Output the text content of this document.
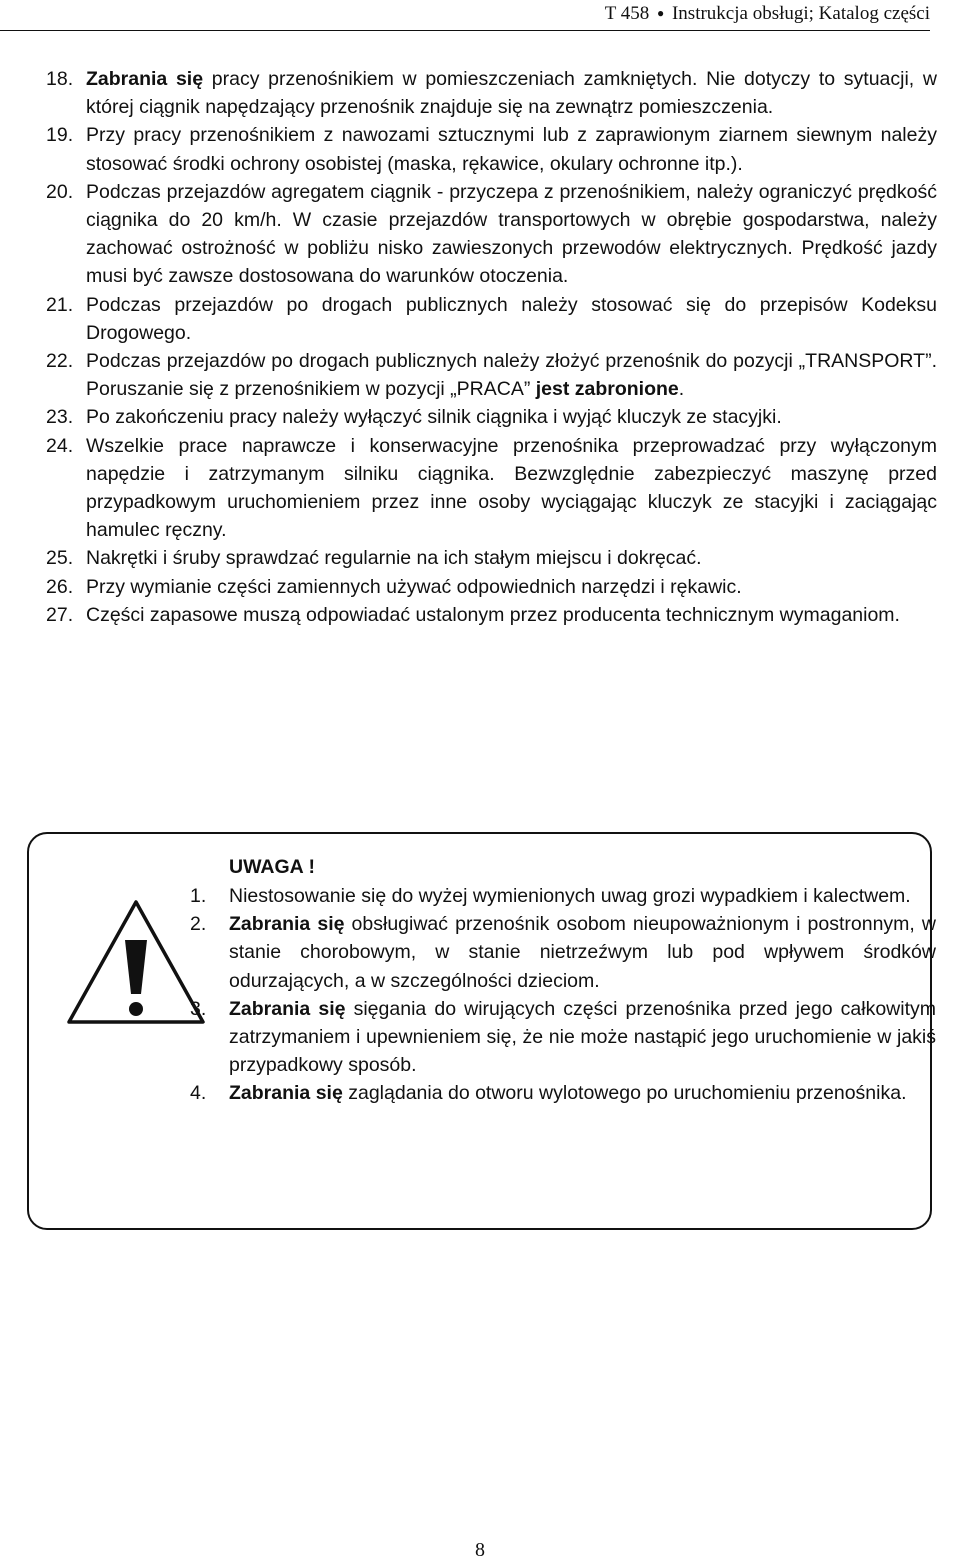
T 458 ● Instrukcja obsługi; Katalog części
18. Zabrania się pracy przenośnikiem w pomieszczeniach zamkniętych. Nie dotyczy to sytuacji, w której ciągnik napędzający przenośnik znajduje się na zewnątrz pomieszczenia.
19. Przy pracy przenośnikiem z nawozami sztucznymi lub z zaprawionym ziarnem siewnym należy stosować środki ochrony osobistej (maska, rękawice, okulary ochronne itp.).
20. Podczas przejazdów agregatem ciągnik - przyczepa z przenośnikiem, należy ograniczyć prędkość ciągnika do 20 km/h. W czasie przejazdów transportowych w obrębie gospodarstwa, należy zachować ostrożność w pobliżu nisko zawieszonych przewodów elektrycznych. Prędkość jazdy musi być zawsze dostosowana do warunków otoczenia.
21. Podczas przejazdów po drogach publicznych należy stosować się do przepisów Kodeksu Drogowego.
22. Podczas przejazdów po drogach publicznych należy złożyć przenośnik do pozycji „TRANSPORT”. Poruszanie się z przenośnikiem w pozycji „PRACA” jest zabronione.
23. Po zakończeniu pracy należy wyłączyć silnik ciągnika i wyjąć kluczyk ze stacyjki.
24. Wszelkie prace naprawcze i konserwacyjne przenośnika przeprowadzać przy wyłączonym napędzie i zatrzymanym silniku ciągnika. Bezwzględnie zabezpieczyć maszynę przed przypadkowym uruchomieniem przez inne osoby wyciągając kluczyk ze stacyjki i zaciągając hamulec ręczny.
25. Nakrętki i śruby sprawdzać regularnie na ich stałym miejscu i dokręcać.
26. Przy wymianie części zamiennych używać odpowiednich narzędzi i rękawic.
27. Części zapasowe muszą odpowiadać ustalonym przez producenta technicznym wymaganiom.
UWAGA !
1.	Niestosowanie się do wyżej wymienionych uwag grozi wypadkiem i kalectwem.
2.	Zabrania się obsługiwać przenośnik osobom nieupoważnionym i postronnym, w stanie chorobowym, w stanie nietrzeźwym lub pod wpływem środków odurzających, a w szczególności dzieciom.
3.	Zabrania się sięgania do wirujących części przenośnika przed jego całkowitym zatrzymaniem i upewnieniem się, że nie może nastąpić jego uruchomienie w jakiś przypadkowy sposób.
4.	Zabrania się zaglądania do otworu wylotowego po uruchomieniu przenośnika.
8
